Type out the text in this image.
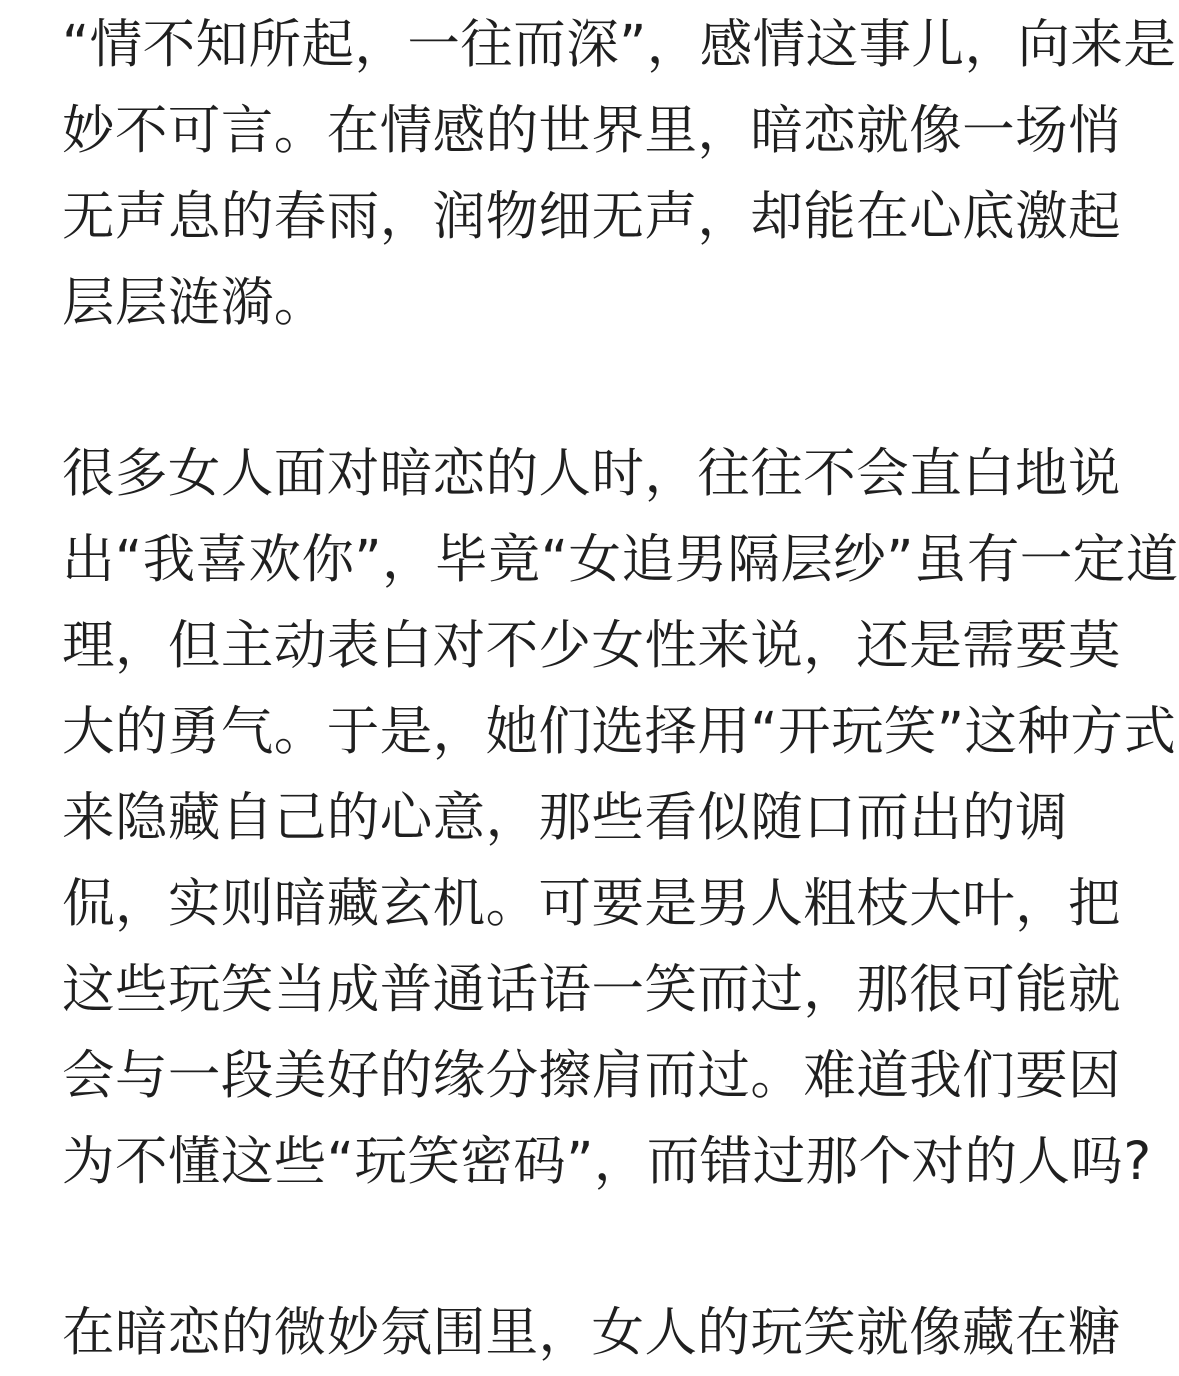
“情不知所起，一往而深”，感情这事儿，向来是
妙不可言。在情感的世界里，暗恋就像一场悄
无声息的春雨，润物细无声，却能在心底激起
层层涟漪。
很多女人面对暗恋的人时，往往不会直白地说
出“我喜欢你”，毕竟“女追男隔层纱”虽有一定道
理，但主动表白对不少女性来说，还是需要莫
大的勇气。于是，她们选择用“开玩笑”这种方式
来隐藏自己的心意，那些看似随口而出的调
侃，实则暗藏玄机。可要是男人粗枝大叶，把
这些玩笑当成普通话语一笑而过，那很可能就
会与一段美好的缘分擦肩而过。难道我们要因
为不懂这些“玩笑密码”，而错过那个对的人吗?
在暗恋的微妙氛围里，女人的玩笑就像藏在糖
